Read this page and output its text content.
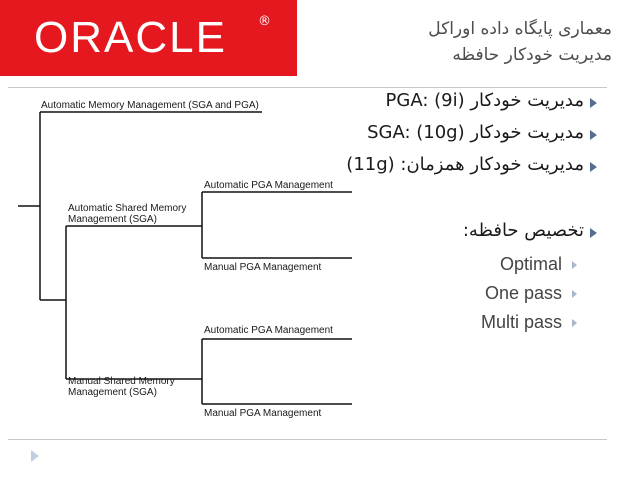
ORACLE ®	معماری پایگاه داده اوراکل
مدیریت خودکار حافظه
Automatic Memory Management (SGA and PGA)
Automatic Shared Memory
Management (SGA)
Manual Shared Memory
Management (SGA)
Automatic PGA Management
Manual PGA Management
Automatic PGA Management
Manual PGA Management
مدیریت خودکار PGA: (9i)
مدیریت خودکار SGA: (10g)
مدیریت خودکار همزمان: (11g)
تخصیص حافظه:
Optimal
One pass
Multi pass
